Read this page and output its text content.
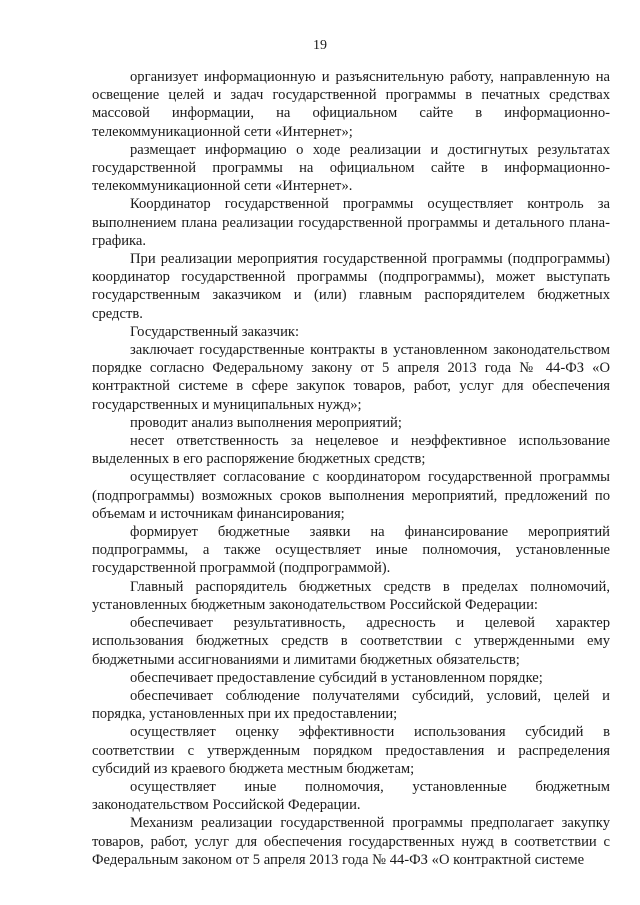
19

организует информационную и разъяснительную работу, направленную на освещение целей и задач государственной программы в печатных средствах массовой информации, на официальном сайте в информационно-телекоммуникационной сети «Интернет»;

размещает информацию о ходе реализации и достигнутых результатах государственной программы на официальном сайте в информационно-телекоммуникационной сети «Интернет».

Координатор государственной программы осуществляет контроль за выполнением плана реализации государственной программы и детального плана-графика.

При реализации мероприятия государственной программы (подпрограммы) координатор государственной программы (подпрограммы), может выступать государственным заказчиком и (или) главным распорядителем бюджетных средств.

Государственный заказчик:

заключает государственные контракты в установленном законодательством порядке согласно Федеральному закону от 5 апреля 2013 года № 44-ФЗ «О контрактной системе в сфере закупок товаров, работ, услуг для обеспечения государственных и муниципальных нужд»;

проводит анализ выполнения мероприятий;

несет ответственность за нецелевое и неэффективное использование выделенных в его распоряжение бюджетных средств;

осуществляет согласование с координатором государственной программы (подпрограммы) возможных сроков выполнения мероприятий, предложений по объемам и источникам финансирования;

формирует бюджетные заявки на финансирование мероприятий подпрограммы, а также осуществляет иные полномочия, установленные государственной программой (подпрограммой).

Главный распорядитель бюджетных средств в пределах полномочий, установленных бюджетным законодательством Российской Федерации:

обеспечивает результативность, адресность и целевой характер использования бюджетных средств в соответствии с утвержденными ему бюджетными ассигнованиями и лимитами бюджетных обязательств;

обеспечивает предоставление субсидий в установленном порядке;

обеспечивает соблюдение получателями субсидий, условий, целей и порядка, установленных при их предоставлении;

осуществляет оценку эффективности использования субсидий в соответствии с утвержденным порядком предоставления и распределения субсидий из краевого бюджета местным бюджетам;

осуществляет иные полномочия, установленные бюджетным законодательством Российской Федерации.

Механизм реализации государственной программы предполагает закупку товаров, работ, услуг для обеспечения государственных нужд в соответствии с Федеральным законом от 5 апреля 2013 года № 44-ФЗ «О контрактной системе
